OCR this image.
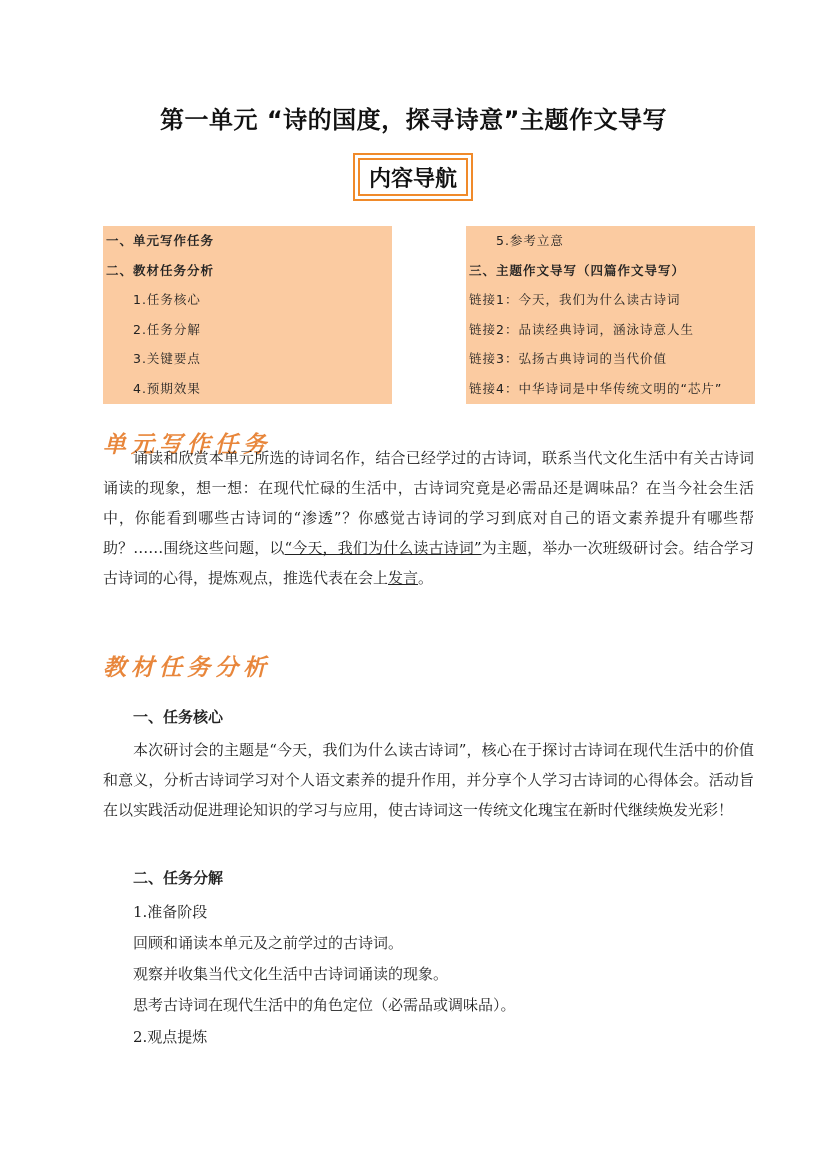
第一单元 “诗的国度，探寻诗意”主题作文导写
内容导航
一、单元写作任务
二、教材任务分析
1.任务核心
2.任务分解
3.关键要点
4.预期效果
5.参考立意
三、主题作文导写（四篇作文导写）
链接1：今天，我们为什么读古诗词
链接2：品读经典诗词，涵泳诗意人生
链接3：弘扬古典诗词的当代价值
链接4：中华诗词是中华传统文明的“芯片”
单元写作任务

诵读和欣赏本单元所选的诗词名作，结合已经学过的古诗词，联系当代文化生活中有关古诗词诵读的现象，想一想：在现代忙碌的生活中，古诗词究竟是必需品还是调味品？在当今社会生活中，你能看到哪些古诗词的“渗透”？你感觉古诗词的学习到底对自己的语文素养提升有哪些帮助？……围绕这些问题，以“今天，我们为什么读古诗词”为主题，举办一次班级研讨会。结合学习古诗词的心得，提炼观点，推选代表在会上发言。

教材任务分析
一、任务核心

本次研讨会的主题是“今天，我们为什么读古诗词”，核心在于探讨古诗词在现代生活中的价值和意义，分析古诗词学习对个人语文素养的提升作用，并分享个人学习古诗词的心得体会。活动旨在以实践活动促进理论知识的学习与应用，使古诗词这一传统文化瑰宝在新时代继续焕发光彩！

二、任务分解
1.准备阶段
回顾和诵读本单元及之前学过的古诗词。
观察并收集当代文化生活中古诗词诵读的现象。
思考古诗词在现代生活中的角色定位（必需品或调味品）。
2.观点提炼
